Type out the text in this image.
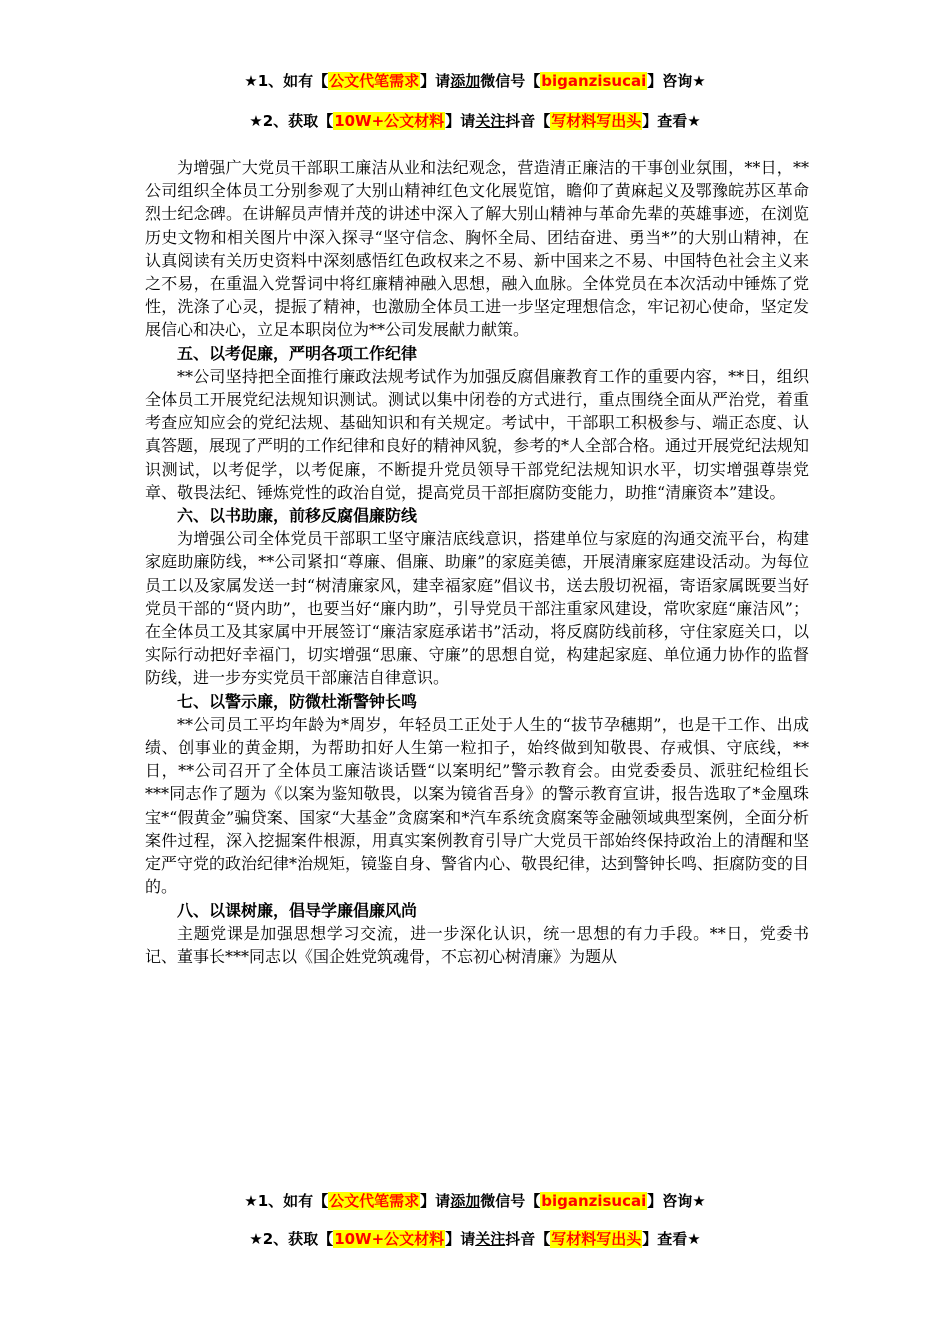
★1、如有【公文代笔需求】请添加微信号【biganzisucai】咨询★
★2、获取【10W+公文材料】请关注抖音【写材料写出头】查看★

为增强广大党员干部职工廉洁从业和法纪观念，营造清正廉洁的干事创业氛围，**日，**公司组织全体员工分别参观了大别山精神红色文化展览馆，瞻仰了黄麻起义及鄂豫皖苏区革命烈士纪念碑。在讲解员声情并茂的讲述中深入了解大别山精神与革命先辈的英雄事迹，在浏览历史文物和相关图片中深入探寻“坚守信念、胸怀全局、团结奋进、勇当*”的大别山精神，在认真阅读有关历史资料中深刻感悟红色政权来之不易、新中国来之不易、中国特色社会主义来之不易，在重温入党誓词中将红廉精神融入思想，融入血脉。全体党员在本次活动中锤炼了党性，洗涤了心灵，提振了精神，也激励全体员工进一步坚定理想信念，牢记初心使命，坚定发展信心和决心，立足本职岗位为**公司发展献力献策。

五、以考促廉，严明各项工作纪律

**公司坚持把全面推行廉政法规考试作为加强反腐倡廉教育工作的重要内容，**日，组织全体员工开展党纪法规知识测试。测试以集中闭卷的方式进行，重点围绕全面从严治党，着重考查应知应会的党纪法规、基础知识和有关规定。考试中，干部职工积极参与、端正态度、认真答题，展现了严明的工作纪律和良好的精神风貌，参考的*人全部合格。通过开展党纪法规知识测试，以考促学，以考促廉，不断提升党员领导干部党纪法规知识水平，切实增强尊崇党章、敬畏法纪、锤炼党性的政治自觉，提高党员干部拒腐防变能力，助推“清廉资本”建设。

六、以书助廉，前移反腐倡廉防线

为增强公司全体党员干部职工坚守廉洁底线意识，搭建单位与家庭的沟通交流平台，构建家庭助廉防线，**公司紧扣“尊廉、倡廉、助廉”的家庭美德，开展清廉家庭建设活动。为每位员工以及家属发送一封“树清廉家风，建幸福家庭”倡议书，送去殷切祝福，寄语家属既要当好党员干部的“贤内助”，也要当好“廉内助”，引导党员干部注重家风建设，常吹家庭“廉洁风”；在全体员工及其家属中开展签订“廉洁家庭承诺书”活动，将反腐防线前移，守住家庭关口，以实际行动把好幸福门，切实增强“思廉、守廉”的思想自觉，构建起家庭、单位通力协作的监督防线，进一步夯实党员干部廉洁自律意识。

七、以警示廉，防微杜渐警钟长鸣

**公司员工平均年龄为*周岁，年轻员工正处于人生的“拔节孕穗期”，也是干工作、出成绩、创事业的黄金期，为帮助扣好人生第一粒扣子，始终做到知敬畏、存戒惧、守底线，**日，**公司召开了全体员工廉洁谈话暨“以案明纪”警示教育会。由党委委员、派驻纪检组长***同志作了题为《以案为鉴知敬畏，以案为镜省吾身》的警示教育宣讲，报告选取了*金凰珠宝*“假黄金”骗贷案、国家“大基金”贪腐案和*汽车系统贪腐案等金融领域典型案例，全面分析案件过程，深入挖掘案件根源，用真实案例教育引导广大党员干部始终保持政治上的清醒和坚定严守党的政治纪律*治规矩，镜鉴自身、警省内心、敬畏纪律，达到警钟长鸣、拒腐防变的目的。

八、以课树廉，倡导学廉倡廉风尚

主题党课是加强思想学习交流，进一步深化认识，统一思想的有力手段。**日，党委书记、董事长***同志以《国企姓党筑魂骨，不忘初心树清廉》为题从

★1、如有【公文代笔需求】请添加微信号【biganzisucai】咨询★
★2、获取【10W+公文材料】请关注抖音【写材料写出头】查看★
